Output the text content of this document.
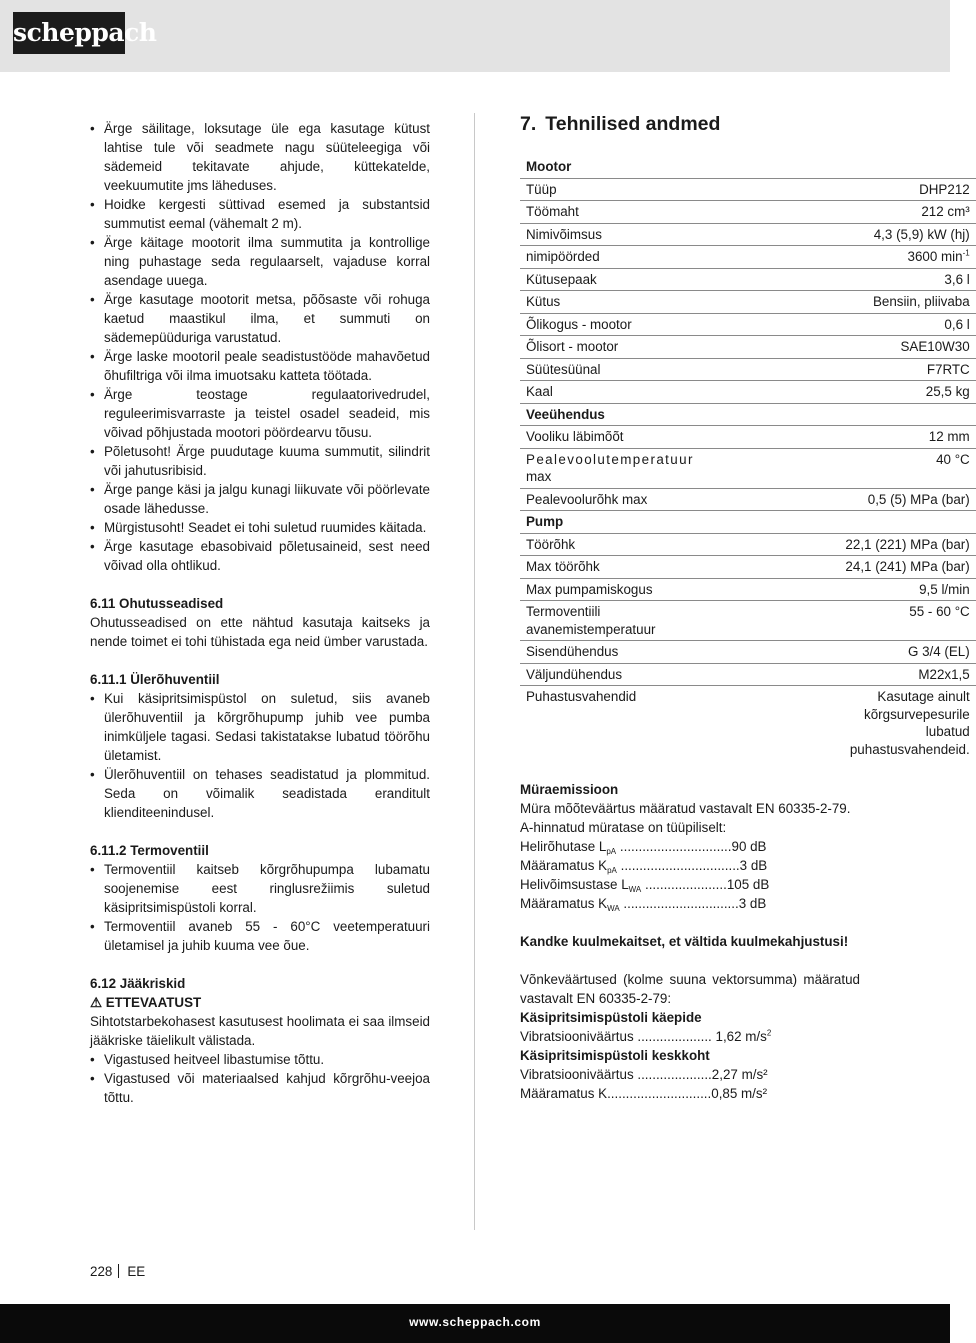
scheppach
• Ärge säilitage, loksutage üle ega kasutage kütust lahtise tule või seadmete nagu süüteleegiga või sädemeid tekitavate ahjude, küttekatelde, veekuumutite jms läheduses.
• Hoidke kergesti süttivad esemed ja substantsid summutist eemal (vähemalt 2 m).
• Ärge käitage mootorit ilma summutita ja kontrollige ning puhastage seda regulaarselt, vajaduse korral asendage uuega.
• Ärge kasutage mootorit metsa, põõsaste või rohuga kaetud maastikul ilma, et summuti on sädemepüüduriga varustatud.
• Ärge laske mootoril peale seadistustööde mahavõetud õhufiltriga või ilma imuotsaku katteta töötada.
• Ärge teostage regulaatorivedrudel, reguleerimisvarraste ja teistel osadel seadeid, mis võivad põhjustada mootori pöördearvu tõusu.
• Põletusoht! Ärge puudutage kuuma summutit, silindrit või jahutusribisid.
• Ärge pange käsi ja jalgu kunagi liikuvate või pöörlevate osade lähedusse.
• Mürgistusoht! Seadet ei tohi suletud ruumides käitada.
• Ärge kasutage ebasobivaid põletusaineid, sest need võivad olla ohtlikud.
6.11 Ohutusseadised
Ohutusseadised on ette nähtud kasutaja kaitseks ja nende toimet ei tohi tühistada ega neid ümber varustada.
6.11.1 Ülerõhuventiil
• Kui käsipritsimispüstol on suletud, siis avaneb ülerõhuventiil ja kõrgrõhupump juhib vee pumba inimküljele tagasi. Sedasi takistatakse lubatud töörõhu ületamist.
• Ülerõhuventiil on tehases seadistatud ja plommitud. Seda on võimalik seadistada eranditult klienditeenindusel.
6.11.2 Termoventiil
• Termoventiil kaitseb kõrgrõhupumpa lubamatu soojenemise eest ringlusrežiimis suletud käsipritsimispüstoli korral.
• Termoventiil avaneb 55 - 60°C veetemperatuuri ületamisel ja juhib kuuma vee õue.
6.12 Jääkriskid
⚠ ETTEVAATUST
Sihtotstarbekohasest kasutusest hoolimata ei saa ilmseid jääkriske täielikult välistada.
• Vigastused heitveel libastumise tõttu.
• Vigastused või materiaalsed kahjud kõrgrõhu-veejoa tõttu.
7. Tehnilised andmed
Mootor	
Tüüp	DHP212
Töömaht	212 cm³
Nimivõimsus	4,3 (5,9) kW (hj)
nimipöörded	3600 $\min^{-1}$
Kütusepaak	3,6 l
Kütus	Bensiin, pliivaba
Õlikogus - mootor	0,6 l
Õlisort - mootor	SAE10W30
Süütesüünal	F7RTC
Kaal	25,5 kg
Veeühendus	
Vooliku läbimõõt	12 mm

Pealevoolutemperatuur
max	40 °C
Pealevoolurõhk max	0,5 (5) MPa (bar)
Pump	
Töörõhk	22,1 (221) MPa (bar)
Max töörõhk	24,1 (241) MPa (bar)
Max pumpamiskogus	9,5 l/min
Termoventiili avanemistemperatuur	55 - 60 °C
Sisendühendus	G 3/4 (EL)
Väljundühendus	M22x1,5
Puhastusvahendid	Kasutage ainult kõrgsurvepesurile lubatud puhastusvahendeid.
Müraemissioon
Müra mõõteväärtus määratud vastavalt EN 60335-2-79. A-hinnatud müratase on tüüpiliselt:
Helirõhutase $L_{pA}$ ..............................90 dB
Määramatus $K_{pA}$ ................................3 dB
Helivõimsustase $L_{WA}$ ......................105 dB
Määramatus $K_{WA}$ ...............................3 dB
Kandke kuulmekaitset, et vältida kuulmekahjustusi!
Võnkeväärtused (kolme suuna vektorsumma) määratud vastavalt EN 60335-2-79:
Käsipritsimispüstoli käepide
Vibratsiooniväärtus .................... 1,62 $m/s^2$
Käsipritsimispüstoli keskkoht
Vibratsiooniväärtus ....................2,27 m/s²
Määramatus K............................0,85 m/s²
228 EE
www.scheppach.com
